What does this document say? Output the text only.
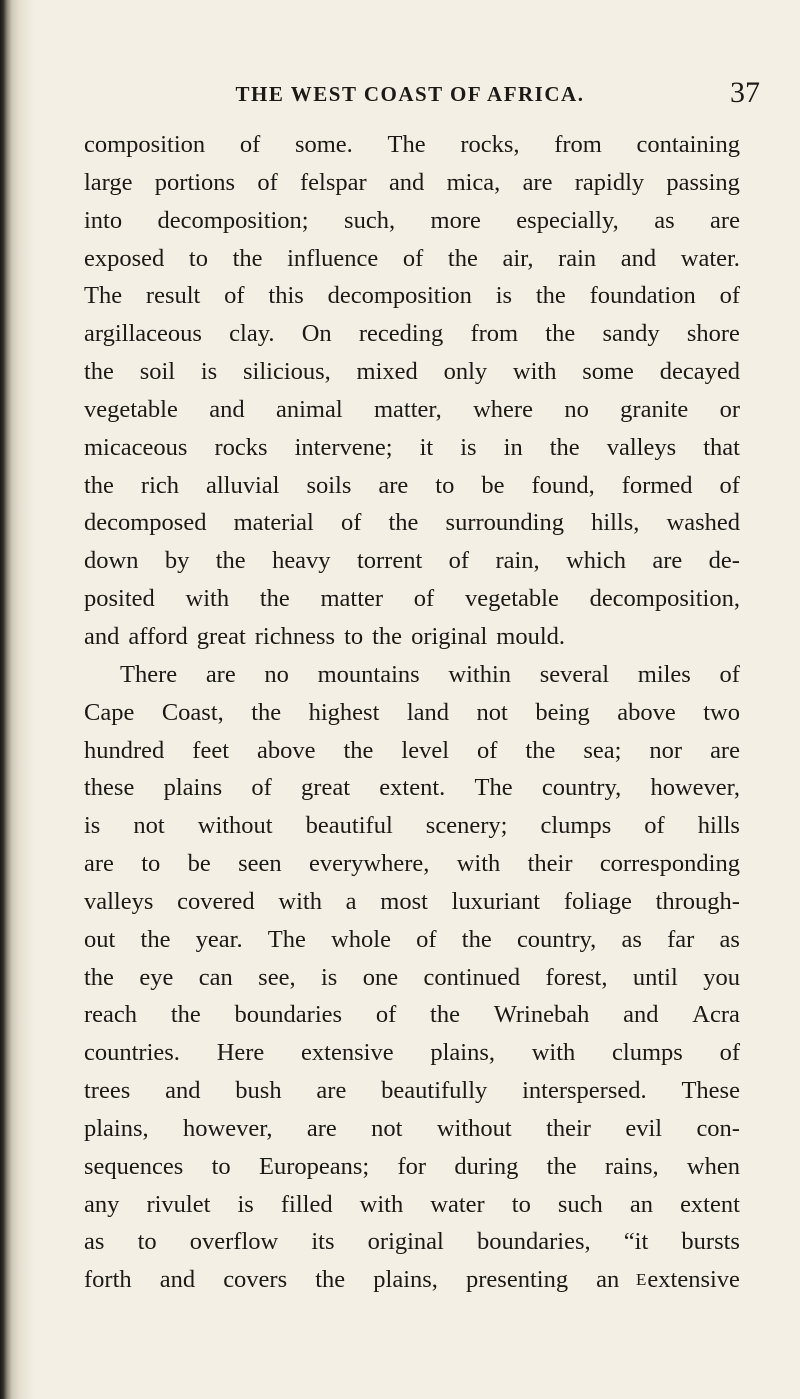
THE WEST COAST OF AFRICA.	37
composition of some. The rocks, from containing
large portions of felspar and mica, are rapidly passing
into decomposition; such, more especially, as are
exposed to the influence of the air, rain and water.
The result of this decomposition is the foundation of
argillaceous clay. On receding from the sandy shore
the soil is silicious, mixed only with some decayed
vegetable and animal matter, where no granite or
micaceous rocks intervene; it is in the valleys that
the rich alluvial soils are to be found, formed of
decomposed material of the surrounding hills, washed
down by the heavy torrent of rain, which are de-
posited with the matter of vegetable decomposition,
and afford great richness to the original mould.
There are no mountains within several miles of
Cape Coast, the highest land not being above two
hundred feet above the level of the sea; nor are
these plains of great extent. The country, however,
is not without beautiful scenery; clumps of hills
are to be seen everywhere, with their corresponding
valleys covered with a most luxuriant foliage through-
out the year. The whole of the country, as far as
the eye can see, is one continued forest, until you
reach the boundaries of the Wrinebah and Acra
countries. Here extensive plains, with clumps of
trees and bush are beautifully interspersed. These
plains, however, are not without their evil con-
sequences to Europeans; for during the rains, when
any rivulet is filled with water to such an extent
as to overflow its original boundaries, “it bursts
forth and covers the plains, presenting an extensive
E
